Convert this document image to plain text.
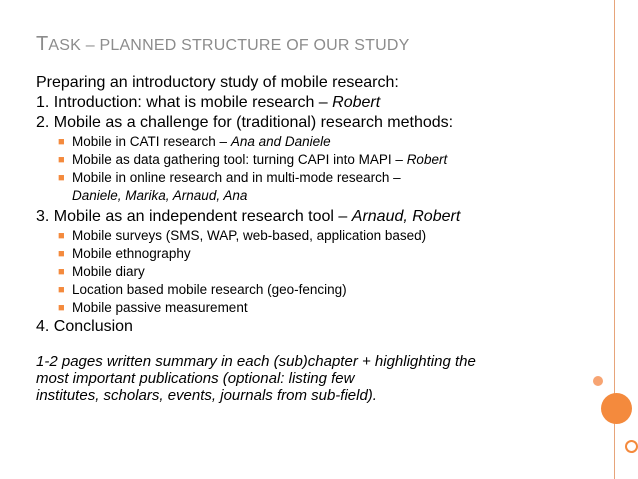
TASK – PLANNED STRUCTURE OF OUR STUDY
Preparing an introductory study of mobile research:
1. Introduction: what is mobile research – Robert
2. Mobile as a challenge for (traditional) research methods:
■ Mobile in CATI research – Ana and Daniele
■ Mobile as data gathering tool: turning CAPI into MAPI – Robert
■ Mobile in online research and in multi-mode research –
Daniele, Marika, Arnaud, Ana
3. Mobile as an independent research tool – Arnaud, Robert
■ Mobile surveys (SMS, WAP, web-based, application based)
■ Mobile ethnography
■ Mobile diary
■ Location based mobile research (geo-fencing)
■ Mobile passive measurement
4. Conclusion
1-2 pages written summary in each (sub)chapter + highlighting the
most important publications (optional: listing few
institutes, scholars, events, journals from sub-field).
